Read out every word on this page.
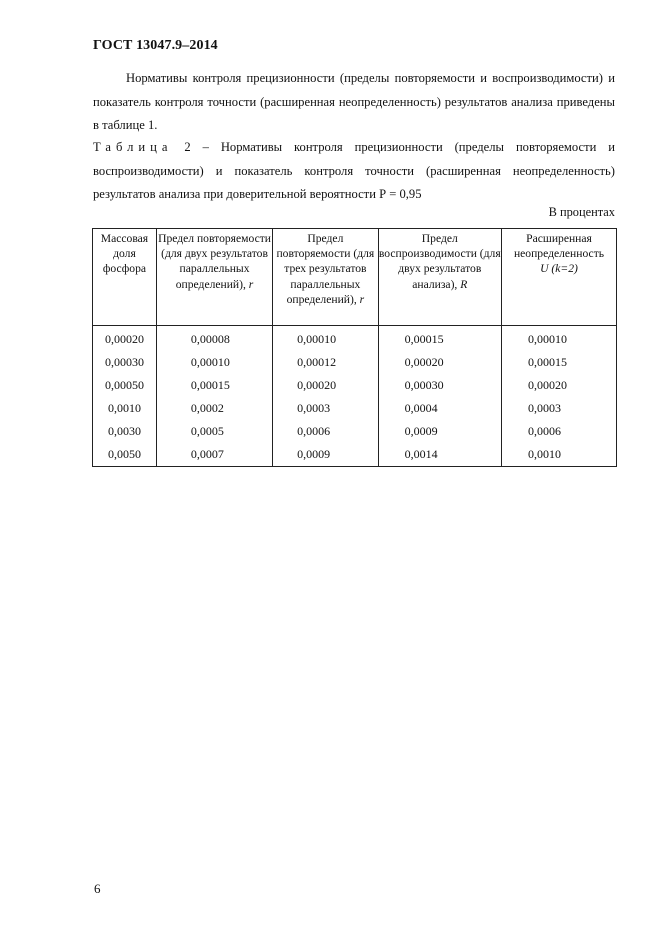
ГОСТ 13047.9–2014
Нормативы контроля прецизионности (пределы повторяемости и воспроизводимости) и показатель контроля точности (расширенная неопределенность) результатов анализа приведены в таблице 1.
Таблица 2 – Нормативы контроля прецизионности (пределы повторяемости и воспроизводимости) и показатель контроля точности (расширенная неопределенность) результатов анализа при доверительной вероятности Р = 0,95
В процентах
Массовая доля фосфора	Предел повторяемости (для двух результатов параллельных определений), r	Предел повторяемости (для трех результатов параллельных определений), r	Предел воспроизводимости (для двух результатов анализа), R	Расширенная неопределенность
U (k=2)
0,00020	0,00008	0,00010	0,00015	0,00010
0,00030	0,00010	0,00012	0,00020	0,00015
0,00050	0,00015	0,00020	0,00030	0,00020
0,0010	0,0002	0,0003	0,0004	0,0003
0,0030	0,0005	0,0006	0,0009	0,0006
0,0050	0,0007	0,0009	0,0014	0,0010
6
